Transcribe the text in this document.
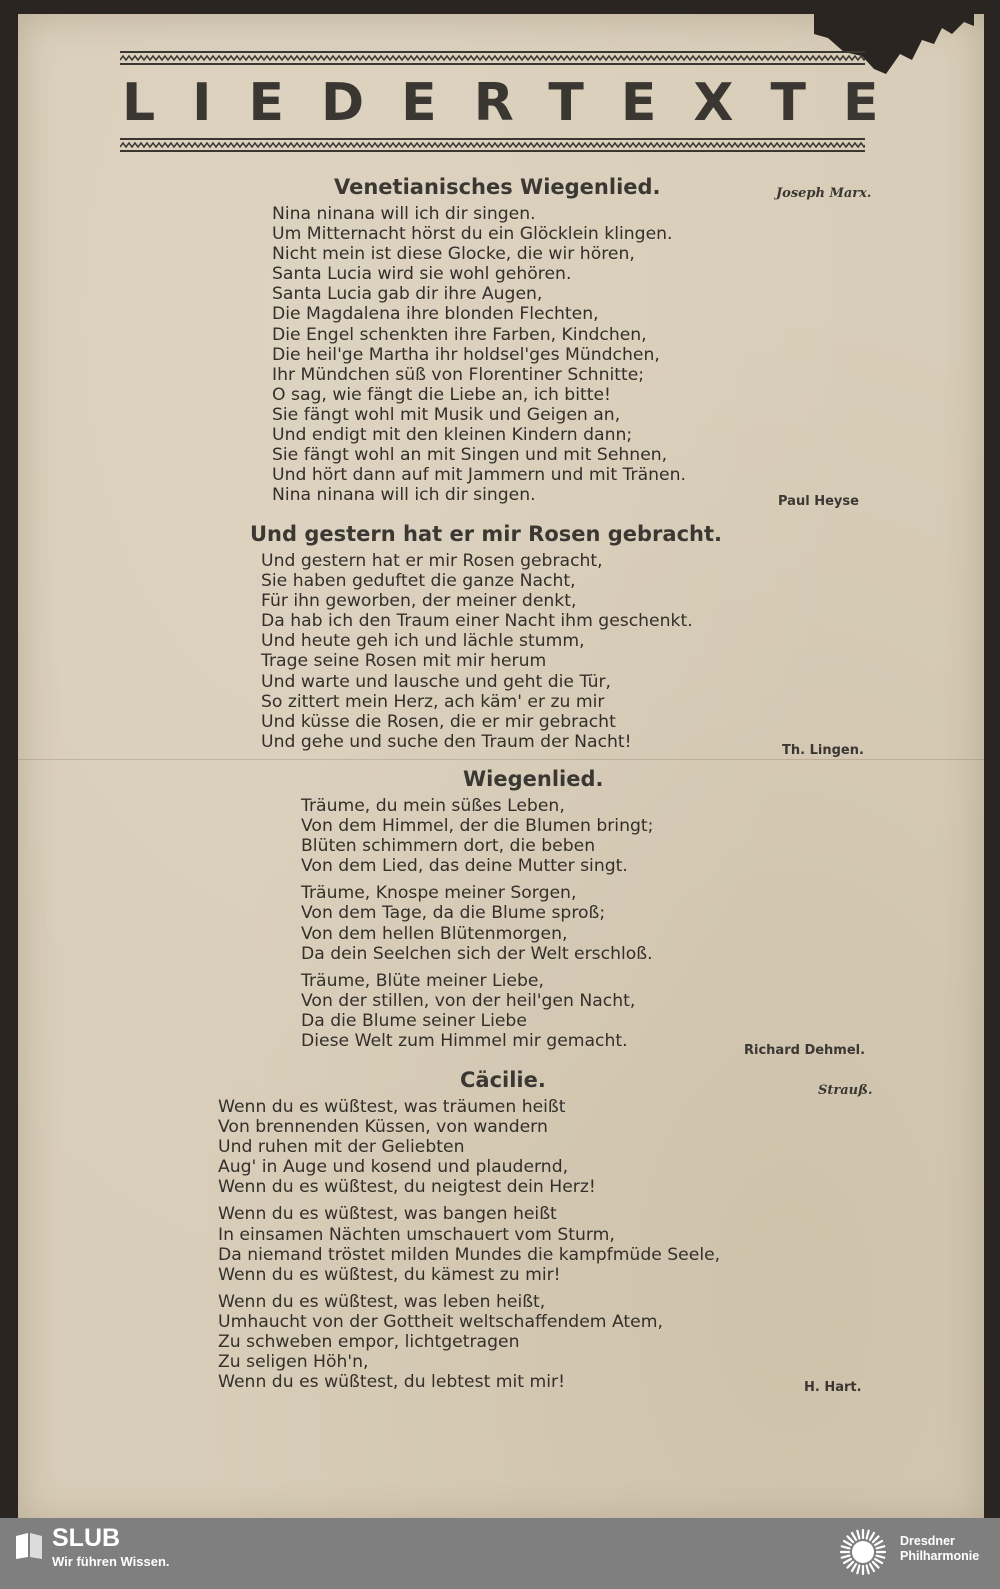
LIEDERTEXTE
Venetianisches Wiegenlied.	Joseph Marx.
Nina ninana will ich dir singen.
Um Mitternacht hörst du ein Glöcklein klingen.
Nicht mein ist diese Glocke, die wir hören,
Santa Lucia wird sie wohl gehören.
Santa Lucia gab dir ihre Augen,
Die Magdalena ihre blonden Flechten,
Die Engel schenkten ihre Farben, Kindchen,
Die heil'ge Martha ihr holdsel'ges Mündchen,
Ihr Mündchen süß von Florentiner Schnitte;
O sag, wie fängt die Liebe an, ich bitte!
Sie fängt wohl mit Musik und Geigen an,
Und endigt mit den kleinen Kindern dann;
Sie fängt wohl an mit Singen und mit Sehnen,
Und hört dann auf mit Jammern und mit Tränen.
Nina ninana will ich dir singen.	Paul Heyse
Und gestern hat er mir Rosen gebracht.
Und gestern hat er mir Rosen gebracht,
Sie haben geduftet die ganze Nacht,
Für ihn geworben, der meiner denkt,
Da hab ich den Traum einer Nacht ihm geschenkt.
Und heute geh ich und lächle stumm,
Trage seine Rosen mit mir herum
Und warte und lausche und geht die Tür,
So zittert mein Herz, ach käm' er zu mir
Und küsse die Rosen, die er mir gebracht
Und gehe und suche den Traum der Nacht!	Th. Lingen.
Wiegenlied.
Träume, du mein süßes Leben,
Von dem Himmel, der die Blumen bringt;
Blüten schimmern dort, die beben
Von dem Lied, das deine Mutter singt.
Träume, Knospe meiner Sorgen,
Von dem Tage, da die Blume sproß;
Von dem hellen Blütenmorgen,
Da dein Seelchen sich der Welt erschloß.
Träume, Blüte meiner Liebe,
Von der stillen, von der heil'gen Nacht,
Da die Blume seiner Liebe
Diese Welt zum Himmel mir gemacht.	Richard Dehmel.
Cäcilie.	Strauß.
Wenn du es wüßtest, was träumen heißt
Von brennenden Küssen, von wandern
Und ruhen mit der Geliebten
Aug' in Auge und kosend und plaudernd,
Wenn du es wüßtest, du neigtest dein Herz!
Wenn du es wüßtest, was bangen heißt
In einsamen Nächten umschauert vom Sturm,
Da niemand tröstet milden Mundes die kampfmüde Seele,
Wenn du es wüßtest, du kämest zu mir!
Wenn du es wüßtest, was leben heißt,
Umhaucht von der Gottheit weltschaffendem Atem,
Zu schweben empor, lichtgetragen
Zu seligen Höh'n,
Wenn du es wüßtest, du lebtest mit mir!	H. Hart.
SLUB
Wir führen Wissen.
Dresdner
Philharmonie
